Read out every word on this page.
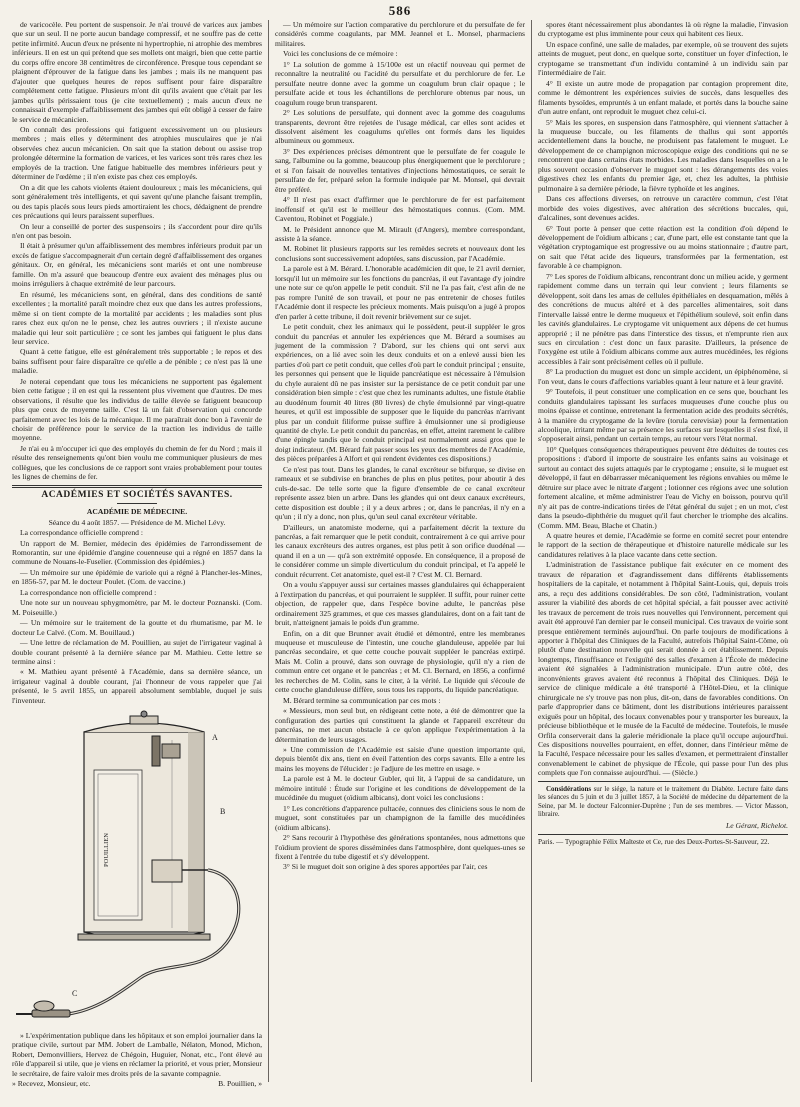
586

de varicocèle. Peu portent de suspensoir. Je n'ai trouvé de varices aux jambes que sur un seul. Il ne porte aucun bandage compressif, et ne souffre pas de cette petite infirmité. Aucun d'eux ne présente ni hypertrophie, ni atrophie des membres inférieurs. Il en est un qui prétend que ses mollets ont maigri, bien que cette partie du corps offre encore 38 centimètres de circonférence. Presque tous cependant se plaignent d'éprouver de la fatigue dans les jambes ; mais ils ne manquent pas d'ajouter que quelques heures de repos suffisent pour faire disparaître complétement cette fatigue. Plusieurs m'ont dit qu'ils avaient que c'était par les jambes qu'ils périssaient tous (je cite textuellement) ; mais aucun d'eux ne connaissait d'exemple d'affaiblissement des jambes qui eût obligé à cesser de faire le service de mécanicien.

On connaît des professions qui fatiguent excessivement un ou plusieurs membres ; mais elles y déterminent des atrophies musculaires que je n'ai observées chez aucun mécanicien. On sait que la station debout ou assise trop prolongée détermine la formation de varices, et les varices sont très rares chez les employés de la traction. Une fatigue habituelle des membres inférieurs peut y déterminer de l'œdème ; il n'en existe pas chez ces employés.

On a dit que les cahots violents étaient douloureux ; mais les mécaniciens, qui sont généralement très intelligents, et qui savent qu'une planche faisant tremplin, ou des tapis placés sous leurs pieds amortiraient les chocs, dédaignent de prendre ces précautions qui leurs paraissent superflues.

On leur a conseillé de porter des suspensoirs ; ils s'accordent pour dire qu'ils n'en ont pas besoin.

Il était à présumer qu'un affaiblissement des membres inférieurs produit par un excès de fatigue s'accompagnerait d'un certain degré d'affaiblissement des organes génitaux. Or, en général, les mécaniciens sont mariés et ont une nombreuse famille. On m'a assuré que beaucoup d'entre eux avaient des ménages plus ou moins irréguliers à chaque extrémité de leur parcours.

En résumé, les mécaniciens sont, en général, dans des conditions de santé excellentes ; la mortalité paraît moindre chez eux que dans les autres professions, même si on tient compte de la mortalité par accidents ; les maladies sont plus rares chez eux qu'on ne le pense, chez les autres ouvriers ; il n'existe aucune maladie qui leur soit particulière ; ce sont les jambes qui fatiguent le plus dans leur service.

Quant à cette fatigue, elle est généralement très supportable ; le repos et des bains suffisent pour faire disparaître ce qu'elle a de pénible ; ce n'est pas là une maladie.

Je noterai cependant que tous les mécaniciens ne supportent pas également bien cette fatigue ; il en est qui la ressentent plus vivement que d'autres. De mes observations, il résulte que les individus de taille élevée se fatiguent beaucoup plus que ceux de moyenne taille. C'est là un fait d'observation qui concorde parfaitement avec les lois de la mécanique. Il me paraîtrait donc bon à l'avenir de choisir de préférence pour le service de la traction les individus de taille moyenne.

Je n'ai eu à m'occuper ici que des employés du chemin de fer du Nord ; mais il résulte des renseignements qu'ont bien voulu me communiquer plusieurs de mes collègues, que les conclusions de ce rapport sont vraies probablement pour toutes les lignes de chemins de fer.

ACADÉMIES ET SOCIÉTÉS SAVANTES.
ACADÉMIE DE MÉDECINE.
Séance du 4 août 1857. — Présidence de M. Michel Lévy.

La correspondance officielle comprend :

Un rapport de M. Bernier, médecin des épidémies de l'arrondissement de Romorantin, sur une épidémie d'angine couenneuse qui a régné en 1857 dans la commune de Nouans-le-Fuselier. (Commission des épidémies.)

— Un mémoire sur une épidémie de variole qui a régné à Plancher-les-Mines, en 1856-57, par M. le docteur Poulet. (Com. de vaccine.)

La correspondance non officielle comprend :

Une note sur un nouveau sphygmomètre, par M. le docteur Poznanski. (Com. M. Poiseuille.)

— Un mémoire sur le traitement de la goutte et du rhumatisme, par M. le docteur Le Calvé. (Com. M. Bouillaud.)

— Une lettre de réclamation de M. Pouillien, au sujet de l'irrigateur vaginal à double courant présenté à la dernière séance par M. Mathieu. Cette lettre se termine ainsi :

« M. Mathieu ayant présenté à l'Académie, dans sa dernière séance, un irrigateur vaginal à double courant, j'ai l'honneur de vous rappeler que j'ai présenté, le 5 avril 1855, un appareil absolument semblable, duquel je suis l'inventeur.

POUILLIEN
A
B
C

» L'expérimentation publique dans les hôpitaux et son emploi journalier dans la pratique civile, surtout par MM. Jobert de Lamballe, Nélaton, Monod, Michon, Robert, Demonvilliers, Hervez de Chégoin, Huguier, Nonat, etc., l'ont élevé au rôle d'appareil si utile, que je viens en réclamer la priorité, et vous prier, Monsieur le secrétaire, de faire valoir mes droits près de la savante compagnie.

» Recevez, Monsieur, etc.	B. Pouillien, »

— Un mémoire sur l'action comparative du perchlorure et du persulfate de fer considérés comme coagulants, par MM. Jeannel et L. Monsel, pharmaciens militaires.

Voici les conclusions de ce mémoire :

1° La solution de gomme à 15/100e est un réactif nouveau qui permet de reconnaître la neutralité ou l'acidité du persulfate et du perchlorure de fer. Le persulfate neutre donne avec la gomme un coagulum brun clair opaque ; le persulfate acide et tous les échantillons de perchlorure obtenus par nous, un coagulum rouge brun transparent.

2° Les solutions de persulfate, qui donnent avec la gomme des coagulums transparents, devront être rejetées de l'usage médical, car elles sont acides et dissolvent aisément les coagulums qu'elles ont formés dans les liquides albumineux ou gommeux.

3° Des expériences précises démontrent que le persulfate de fer coagule le sang, l'albumine ou la gomme, beaucoup plus énergiquement que le perchlorure ; et si l'on faisait de nouvelles tentatives d'injections hémostatiques, ce serait le persulfate de fer, préparé selon la formule indiquée par M. Monsel, qui devrait être préféré.

4° Il n'est pas exact d'affirmer que le perchlorure de fer est parfaitement inoffensif et qu'il est le meilleur des hémostatiques connus. (Com. MM. Caventou, Robinet et Poggiale.)

M. le Président annonce que M. Mirault (d'Angers), membre correspondant, assiste à la séance.

M. Robinet lit plusieurs rapports sur les remèdes secrets et nouveaux dont les conclusions sont successivement adoptées, sans discussion, par l'Académie.

La parole est à M. Bérard. L'honorable académicien dit que, le 21 avril dernier, lorsqu'il lut un mémoire sur les fonctions du pancréas, il eut l'avantage d'y joindre une note sur ce qu'on appelle le petit conduit. S'il ne l'a pas fait, c'est afin de ne pas rompre l'unité de son travail, et pour ne pas entretenir de choses futiles l'Académie dont il respecte les précieux moments. Mais puisqu'on a jugé à propos d'en parler à cette tribune, il doit revenir brièvement sur ce sujet.

Le petit conduit, chez les animaux qui le possèdent, peut-il suppléer le gros conduit du pancréas et annuler les expériences que M. Bérard a soumises au jugement de la commission ? D'abord, sur les chiens qui ont servi aux expériences, on a lié avec soin les deux conduits et on a enlevé aussi bien les parties d'où part ce petit conduit, que celles d'où part le conduit principal ; ensuite, les personnes qui pensent que le liquide pancréatique est nécessaire à l'émulsion du chyle auraient dû ne pas insister sur la persistance de ce petit conduit par une considération bien simple : c'est que chez les ruminants adultes, une fistule établie au duodénum fournit 40 litres (80 livres) de chyle émulsionné par vingt-quatre heures, et qu'il est impossible de supposer que le liquide du pancréas n'arrivant plus par un conduit filiforme puisse suffire à émulsionner une si prodigieuse quantité de chyle. Le petit conduit du pancréas, en effet, atteint rarement le calibre d'une épingle tandis que le conduit principal est normalement aussi gros que le doigt indicateur. (M. Bérard fait passer sous les yeux des membres de l'Académie, des pièces préparées à Alfort et qui rendent évidentes ces dispositions.)

Ce n'est pas tout. Dans les glandes, le canal excréteur se bifurque, se divise en rameaux et se subdivise en branches de plus en plus petites, pour aboutir à des culs-de-sac. De telle sorte que la figure d'ensemble de ce canal excréteur représente assez bien un arbre. Dans les glandes qui ont deux canaux excréteurs, cette disposition est double ; il y a deux arbres ; or, dans le pancréas, il n'y en a qu'un ; il n'y a donc, non plus, qu'un seul canal excréteur véritable.

D'ailleurs, un anatomiste moderne, qui a parfaitement décrit la texture du pancréas, a fait remarquer que le petit conduit, contrairement à ce qui arrive pour les canaux excréteurs des autres organes, est plus petit à son orifice duodénal — quand il en a un — qu'à son extrémité opposée. En conséquence, il a proposé de le considérer comme un simple diverticulum du conduit principal, et l'a appelé le conduit récurrent. Cet anatomiste, quel est-il ? C'est M. Cl. Bernard.

On a voulu s'appuyer aussi sur certaines masses glandulaires qui échapperaient à l'extirpation du pancréas, et qui pourraient le suppléer. Il suffit, pour ruiner cette objection, de rappeler que, dans l'espèce bovine adulte, le pancréas pèse ordinairement 325 grammes, et que ces masses glandulaires, dont on a fait tant de bruit, n'atteignent jamais le poids d'un gramme.

Enfin, on a dit que Brunner avait étudié et démontré, entre les membranes muqueuse et musculeuse de l'intestin, une couche glanduleuse, appelée par lui pancréas secondaire, et que cette couche pouvait suppléer le pancréas extirpé. Mais M. Colin a prouvé, dans son ouvrage de physiologie, qu'il n'y a rien de commun entre cet organe et le pancréas ; et M. Cl. Bernard, en 1856, a confirmé les recherches de M. Colin, sans le citer, à la vérité. Le liquide qui s'écoule de cette couche glanduleuse diffère, sous tous les rapports, du liquide pancréatique.

M. Bérard termine sa communication par ces mots :

« Messieurs, mon seul but, en rédigeant cette note, a été de démontrer que la configuration des parties qui constituent la glande et l'appareil excréteur du pancréas, ne met aucun obstacle à ce qu'on applique l'expérimentation à la détermination de leurs usages.

» Une commission de l'Académie est saisie d'une question importante qui, depuis bientôt dix ans, tient en éveil l'attention des corps savants. Elle a entre les mains les moyens de l'élucider : je l'adjure de les mettre en usage. »

La parole est à M. le docteur Gubler, qui lit, à l'appui de sa candidature, un mémoire intitulé : Étude sur l'origine et les conditions de développement de la mucédinée du muguet (oïdium albicans), dont voici les conclusions :

1° Les concrétions d'apparence pultacée, connues des cliniciens sous le nom de muguet, sont constituées par un champignon de la famille des mucédinées (oïdium albicans).

2° Sans recourir à l'hypothèse des générations spontanées, nous admettons que l'oïdium provient de spores disséminées dans l'atmosphère, dont quelques-unes se fixent à l'entrée du tube digestif et s'y développent.

3° Si le muguet doit son origine à des spores apportées par l'air, ces

spores étant nécessairement plus abondantes là où règne la maladie, l'invasion du cryptogame est plus imminente pour ceux qui habitent ces lieux.

Un espace confiné, une salle de malades, par exemple, où se trouvent des sujets atteints de muguet, peut donc, en quelque sorte, constituer un foyer d'infection, le cryptogame se transmettant d'un individu contaminé à un individu sain par l'intermédiaire de l'air.

4° Il existe un autre mode de propagation par contagion proprement dite, comme le démontrent les expériences suivies de succès, dans lesquelles des filaments bysoïdes, empruntés à un enfant malade, et portés dans la bouche saine d'un autre enfant, ont reproduit le muguet chez celui-ci.

5° Mais les spores, en suspension dans l'atmosphère, qui viennent s'attacher à la muqueuse buccale, ou les filaments de thallus qui sont apportés accidentellement dans la bouche, ne produisent pas fatalement le muguet. Le développement de ce champignon microscopique exige des conditions qui ne se rencontrent que dans certains états morbides. Les maladies dans lesquelles on a le plus souvent occasion d'observer le muguet sont : les dérangements des voies digestives chez les enfants du premier âge, et, chez les adultes, la phthisie pulmonaire à sa dernière période, la fièvre typhoïde et les angines.

Dans ces affections diverses, on retrouve un caractère commun, c'est l'état morbide des voies digestives, avec altération des sécrétions buccales, qui, d'alcalines, sont devenues acides.

6° Tout porte à penser que cette réaction est la condition d'où dépend le développement de l'oïdium albicans ; car, d'une part, elle est constante tant que la végétation cryptogamique est progressive ou au moins stationnaire ; d'autre part, on sait que l'état acide des liqueurs, transformées par la fermentation, est favorable à ce champignon.

7° Les spores de l'oïdium albicans, rencontrant donc un milieu acide, y germent rapidement comme dans un terrain qui leur convient ; leurs filaments se développent, soit dans les amas de cellules épithéliales en desquamation, mêlés à des concrétions de mucus altéré et à des parcelles alimentaires, soit dans l'intervalle laissé entre le derme muqueux et l'épithélium soulevé, soit enfin dans les cavités glandulaires. Le cryptogame vit uniquement aux dépens de cet humus approprié ; il ne pénètre pas dans l'interstice des tissus, et n'emprunte rien aux sucs en circulation : c'est donc un faux parasite. D'ailleurs, la présence de l'oxygène est utile à l'oïdium albicans comme aux autres mucédinées, les régions accessibles à l'air sont précisément celles où il pullule.

8° La production du muguet est donc un simple accident, un épiphénomène, si l'on veut, dans le cours d'affections variables quant à leur nature et à leur gravité.

9° Toutefois, il peut constituer une complication en ce sens que, bouchant les conduits glandulaires tapissant les surfaces muqueuses d'une couche plus ou moins épaisse et continue, entretenant la fermentation acide des produits sécrétés, à la manière du cryptogame de la levûre (torula cerevisiæ) pour la fermentation alcoolique, irritant même par sa présence les surfaces sur lesquelles il s'est fixé, il s'opposerait ainsi, pendant un certain temps, au retour vers l'état normal.

10° Quelques conséquences thérapeutiques peuvent être déduites de toutes ces propositions : d'abord il importe de soustraire les enfants sains au voisinage et surtout au contact des sujets attaqués par le cryptogame ; ensuite, si le muguet est développé, il faut en débarrasser mécaniquement les régions envahies ou même le détruire sur place avec le nitrate d'argent ; lotionner ces régions avec une solution fortement alcaline, et même administrer l'eau de Vichy en boisson, pourvu qu'il n'y ait pas de contre-indications tirées de l'état général du sujet ; en un mot, c'est dans la pseudo-diphthérie du muguet qu'il faut chercher le triomphe des alcalins. (Comm. MM. Beau, Blache et Chatin.)

A quatre heures et demie, l'Académie se forme en comité secret pour entendre le rapport de la section de thérapeutique et d'histoire naturelle médicale sur les candidatures relatives à la place vacante dans cette section.

L'administration de l'assistance publique fait exécuter en ce moment des travaux de réparation et d'agrandissement dans différents établissements hospitaliers de la capitale, et notamment à l'hôpital Saint-Louis, qui, depuis trois ans, a reçu des additions considérables. De son côté, l'administration, voulant assurer la viabilité des abords de cet hôpital spécial, a fait pousser avec activité les travaux de percement de trois rues nouvelles qui l'environnent, percement qui avait été approuvé l'an dernier par le conseil municipal. Ces travaux de voirie sont presque entièrement terminés aujourd'hui. On parle toujours de modifications à apporter à l'hôpital des Cliniques de la Faculté, autrefois l'hôpital Saint-Côme, où plutôt d'une destination nouvelle qui serait donnée à cet établissement. Depuis longtemps, l'insuffisance et l'exiguïté des salles d'examen à l'École de médecine avaient été signalées à l'administration municipale. D'un autre côté, des inconvénients graves avaient été reconnus à l'hôpital des Cliniques. Déjà le service de clinique médicale a été transporté à l'Hôtel-Dieu, et la clinique chirurgicale ne s'y trouve pas non plus, dit-on, dans de favorables conditions. On parle d'approprier dans ce bâtiment, dont les distributions intérieures paraissent exiguës pour un hôpital, des locaux convenables pour y transporter les bureaux, la précieuse bibliothèque et le musée de la Faculté de médecine. Toutefois, le musée Orfila conserverait dans la galerie méridionale la place qu'il occupe aujourd'hui. Ces dispositions nouvelles pourraient, en effet, donner, dans l'intérieur même de la Faculté, l'espace nécessaire pour les salles d'examen, et permettraient d'installer convenablement le cabinet de physique de l'École, qui passe pour l'un des plus complets que l'on connaisse aujourd'hui. — (Siècle.)

Considérations sur le siége, la nature et le traitement du Diabète. Lecture faite dans les séances du 5 juin et du 3 juillet 1857, à la Société de médecine du département de la Seine, par M. le docteur Falconnier-Duprène ; l'un de ses membres. — Victor Masson, libraire.

Le Gérant, Richelot.
Paris. — Typographie Félix Malteste et Ce, rue des Deux-Portes-St-Sauveur, 22.
